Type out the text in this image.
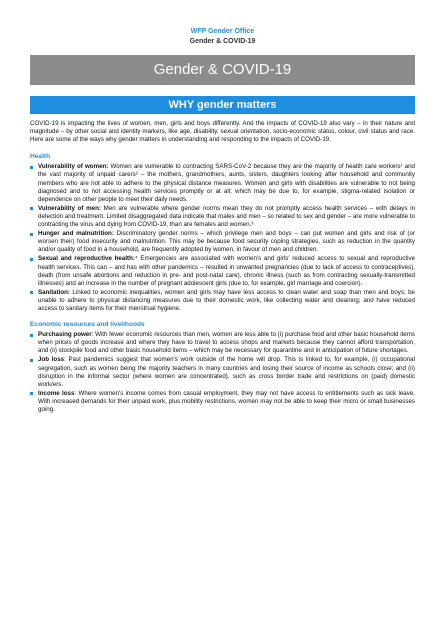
WFP Gender Office
Gender & COVID-19
Gender & COVID-19
WHY gender matters

COVID-19 is impacting the lives of women, men, girls and boys differently. And the impacts of COVID-19 also vary – in their nature and magnitude – by other social and identity markers, like age, disability, sexual orientation, socio-economic status, colour, civil status and race. Here are some of the ways why gender matters in understanding and responding to the impacts of COVID-19.

Health
Vulnerability of women: Women are vulnerable to contracting SARS-CoV-2 because they are the majority of health care workers¹ and the vast majority of unpaid carers² – the mothers, grandmothers, aunts, sisters, daughters looking after household and community members who are not able to adhere to the physical distance measures. Women and girls with disabilities are vulnerable to not being diagnosed and to not accessing health services promptly or at all; which may be due to, for example, stigma-related isolation or dependence on other people to meet their daily needs.
Vulnerability of men: Men are vulnerable where gender norms mean they do not promptly access health services – with delays in detection and treatment. Limited disaggregated data indicate that males and men – so related to sex and gender – are more vulnerable to contracting the virus and dying from COVID-19, than are females and women.³
Hunger and malnutrition: Discriminatory gender norms – which privilege men and boys – can put women and girls and risk of (or worsen their) food insecurity and malnutrition. This may be because food security coping strategies, such as reduction in the quantity and/or quality of food in a household, are frequently adopted by women, in favour of men and children.
Sexual and reproductive health:⁴ Emergencies are associated with women's and girls' reduced access to sexual and reproductive health services. This can – and has with other pandemics – resulted in unwanted pregnancies (due to lack of access to contraceptives), death (from unsafe abortions and reduction in pre- and post-natal care), chronic illness (such as from contracting sexually-transmitted illnesses) and an increase in the number of pregnant adolescent girls (due to, for example, girl marriage and coercion).
Sanitation: Linked to economic inequalities, women and girls may have less access to clean water and soap than men and boys; be unable to adhere to physical distancing measures due to their domestic work, like collecting water and cleaning; and have reduced access to sanitary items for their menstrual hygiene.
Economic resources and livelihoods
Purchasing power: With fewer economic resources than men, women are less able to (i) purchase food and other basic household items when prices of goods increase and where they have to travel to access shops and markets because they cannot afford transportation, and (ii) stockpile food and other basic household items – which may be necessary for quarantine and in anticipation of future shortages.
Job loss: Past pandemics suggest that women's work outside of the home will drop. This is linked to, for example, (i) occupational segregation, such as women being the majority teachers in many countries and losing their source of income as schools close; and (ii) disruption in the informal sector (where women are concentrated), such as cross border trade and restrictions on (paid) domestic work/ers.
Income loss: Where women's income comes from casual employment, they may not have access to entitlements such as sick leave. With increased demands for their unpaid work, plus mobility restrictions, women may not be able to keep their micro or small businesses going.
